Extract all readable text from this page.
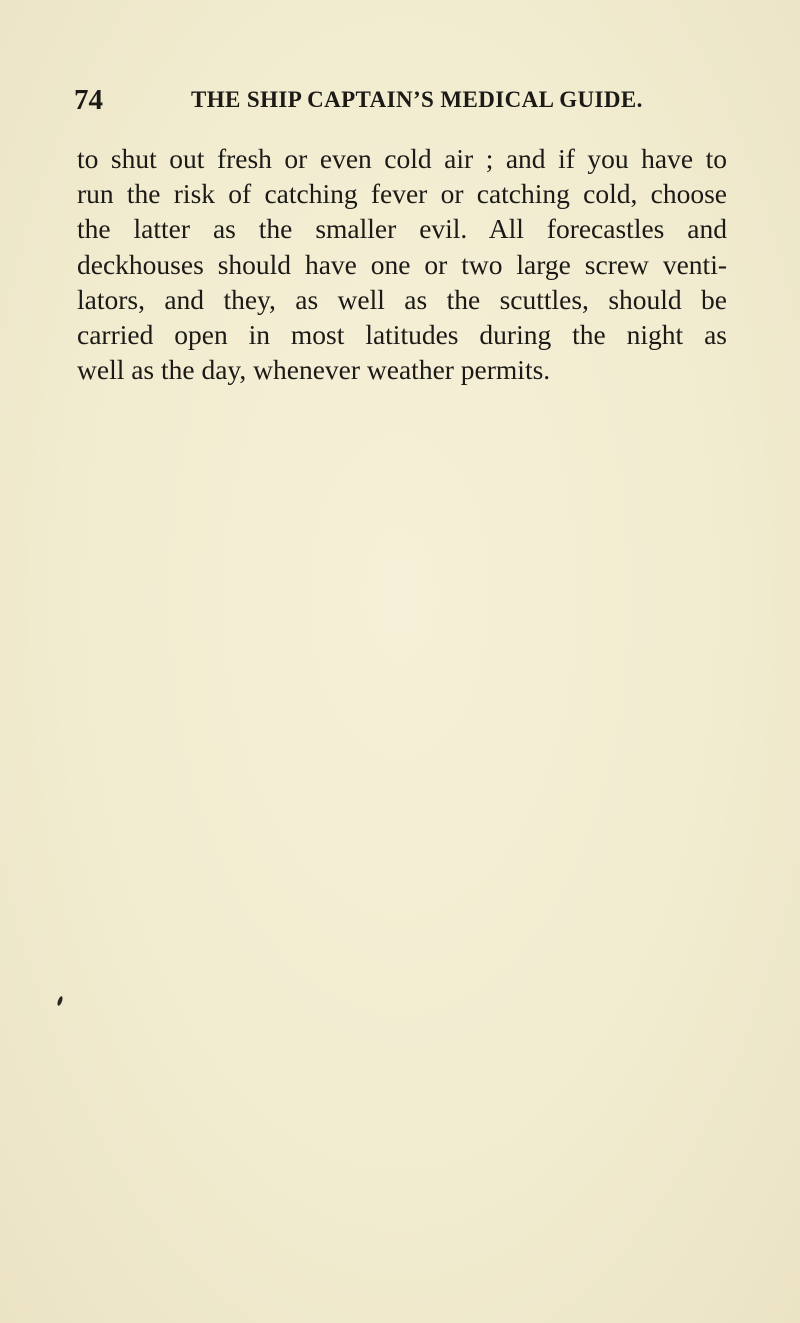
74	THE SHIP CAPTAIN’S MEDICAL GUIDE.

to shut out fresh or even cold air ; and if you have to
run the risk of catching fever or catching cold, choose
the latter as the smaller evil. All forecastles and
deckhouses should have one or two large screw venti-
lators, and they, as well as the scuttles, should be
carried open in most latitudes during the night as
well as the day, whenever weather permits.
